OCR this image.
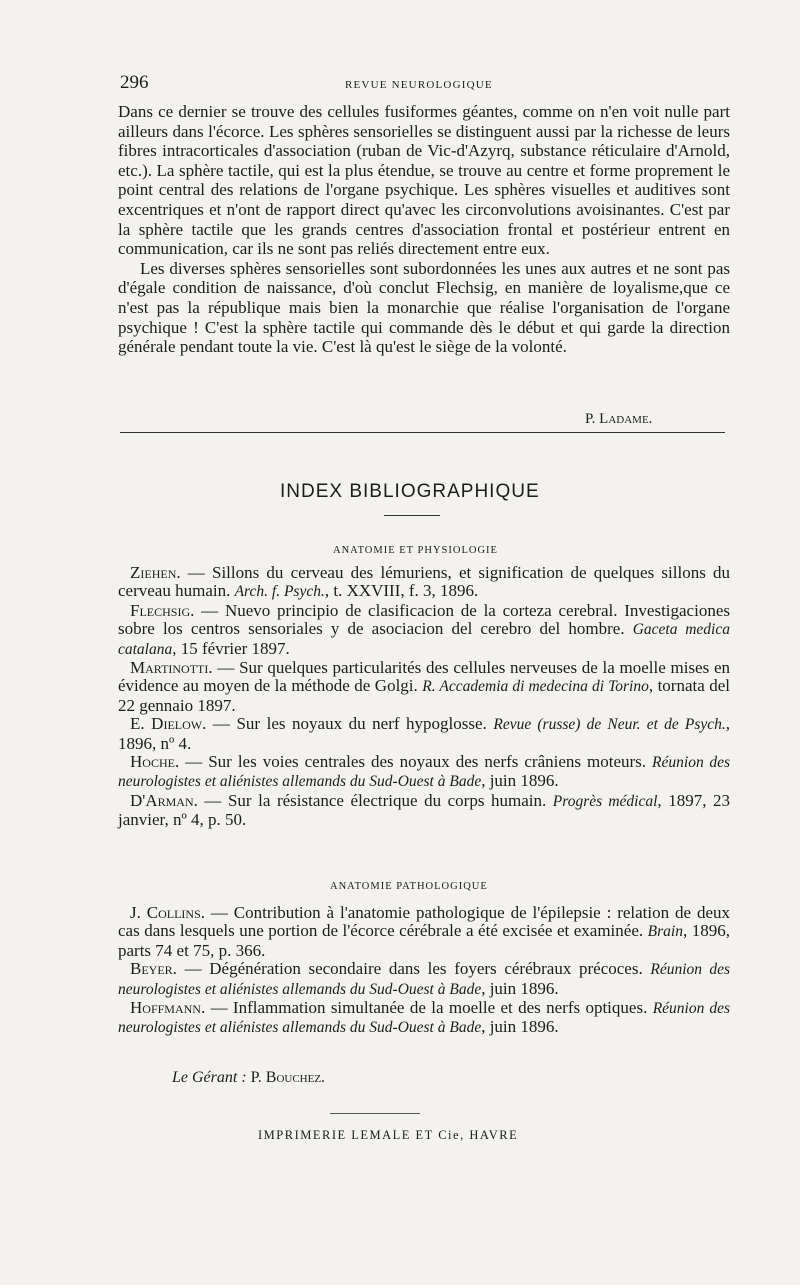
296	REVUE NEUROLOGIQUE

Dans ce dernier se trouve des cellules fusiformes géantes, comme on n'en voit nulle part ailleurs dans l'écorce. Les sphères sensorielles se distinguent aussi par la richesse de leurs fibres intracorticales d'association (ruban de Vic-d'Azyrq, substance réticulaire d'Arnold, etc.). La sphère tactile, qui est la plus étendue, se trouve au centre et forme proprement le point central des relations de l'organe psychique. Les sphères visuelles et auditives sont excentriques et n'ont de rapport direct qu'avec les circonvolutions avoisinantes. C'est par la sphère tactile que les grands centres d'association frontal et postérieur entrent en communication, car ils ne sont pas reliés directement entre eux.

Les diverses sphères sensorielles sont subordonnées les unes aux autres et ne sont pas d'égale condition de naissance, d'où conclut Flechsig, en manière de loyalisme,que ce n'est pas la république mais bien la monarchie que réalise l'organisation de l'organe psychique ! C'est la sphère tactile qui commande dès le début et qui garde la direction générale pendant toute la vie. C'est là qu'est le siège de la volonté.

P. Ladame.
INDEX BIBLIOGRAPHIQUE
ANATOMIE ET PHYSIOLOGIE

Ziehen. — Sillons du cerveau des lémuriens, et signification de quelques sillons du cerveau humain. Arch. f. Psych., t. XXVIII, f. 3, 1896.

Flechsig. — Nuevo principio de clasificacion de la corteza cerebral. Investigaciones sobre los centros sensoriales y de asociacion del cerebro del hombre. Gaceta medica catalana, 15 février 1897.

Martinotti. — Sur quelques particularités des cellules nerveuses de la moelle mises en évidence au moyen de la méthode de Golgi. R. Accademia di medecina di Torino, tornata del 22 gennaio 1897.

E. Dielow. — Sur les noyaux du nerf hypoglosse. Revue (russe) de Neur. et de Psych., 1896, nº 4.

Hoche. — Sur les voies centrales des noyaux des nerfs crâniens moteurs. Réunion des neurologistes et aliénistes allemands du Sud-Ouest à Bade, juin 1896.

D'Arman. — Sur la résistance électrique du corps humain. Progrès médical, 1897, 23 janvier, nº 4, p. 50.

ANATOMIE PATHOLOGIQUE

J. Collins. — Contribution à l'anatomie pathologique de l'épilepsie : relation de deux cas dans lesquels une portion de l'écorce cérébrale a été excisée et examinée. Brain, 1896, parts 74 et 75, p. 366.

Beyer. — Dégénération secondaire dans les foyers cérébraux précoces. Réunion des neurologistes et aliénistes allemands du Sud-Ouest à Bade, juin 1896.

Hoffmann. — Inflammation simultanée de la moelle et des nerfs optiques. Réunion des neurologistes et aliénistes allemands du Sud-Ouest à Bade, juin 1896.

Le Gérant : P. Bouchez.
IMPRIMERIE LEMALE ET Cie, HAVRE
